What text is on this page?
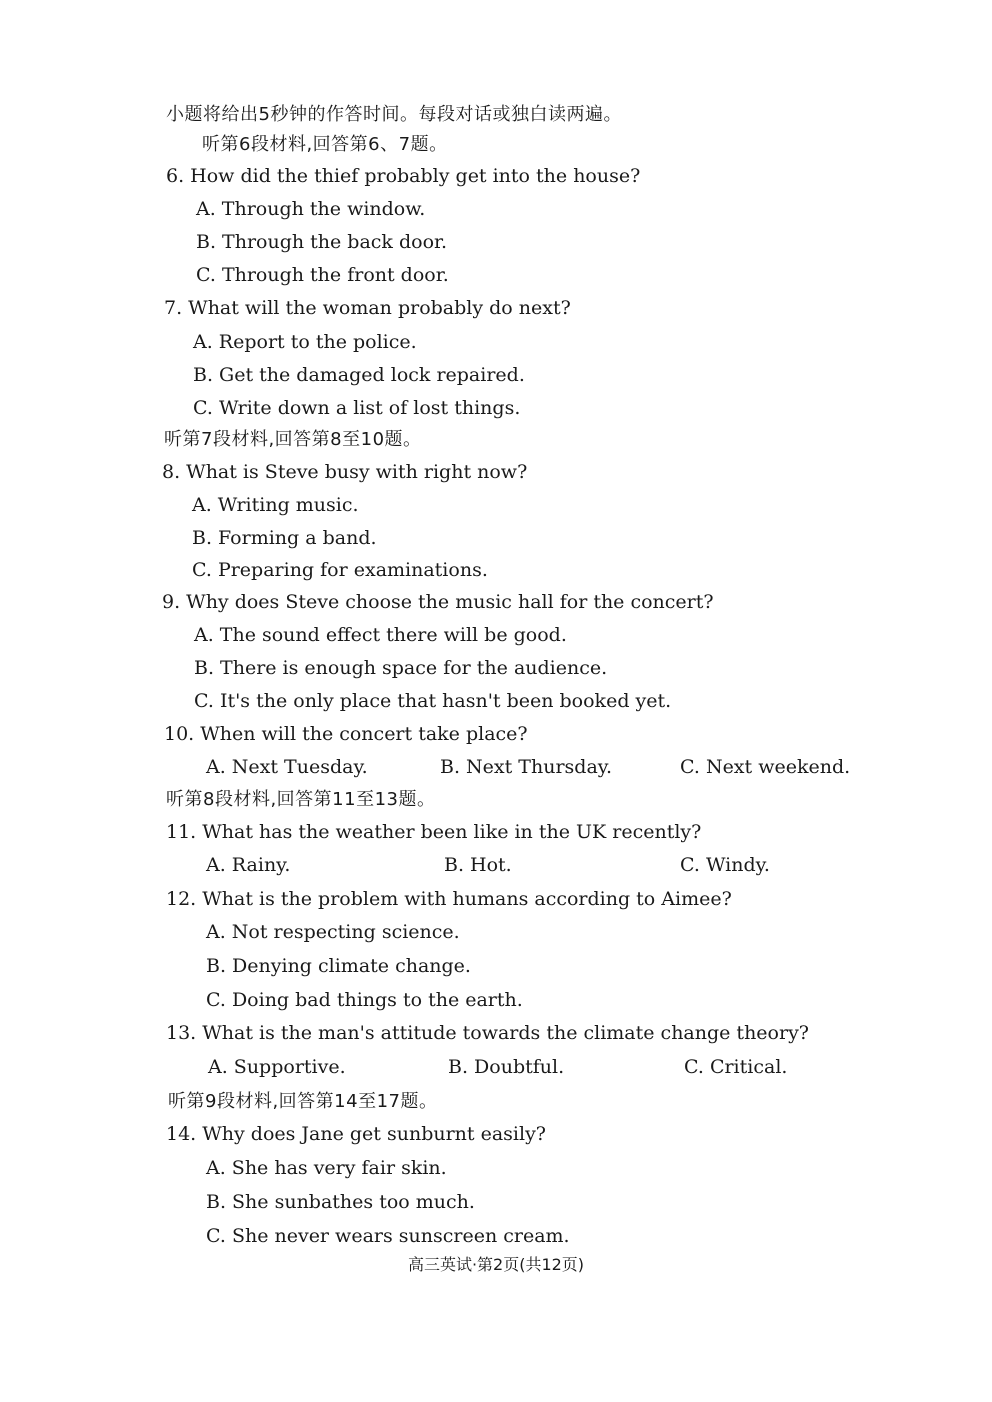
小题将给出5秒钟的作答时间。每段对话或独白读两遍。
听第6段材料,回答第6、7题。
6. How did the thief probably get into the house?
A. Through the window.
B. Through the back door.
C. Through the front door.
7. What will the woman probably do next?
A. Report to the police.
B. Get the damaged lock repaired.
C. Write down a list of lost things.
听第7段材料,回答第8至10题。
8. What is Steve busy with right now?
A. Writing music.
B. Forming a band.
C. Preparing for examinations.
9. Why does Steve choose the music hall for the concert?
A. The sound effect there will be good.
B. There is enough space for the audience.
C. It's the only place that hasn't been booked yet.
10. When will the concert take place?
A. Next Tuesday.	B. Next Thursday.	C. Next weekend.
听第8段材料,回答第11至13题。
11. What has the weather been like in the UK recently?
A. Rainy.	B. Hot.	C. Windy.
12. What is the problem with humans according to Aimee?
A. Not respecting science.
B. Denying climate change.
C. Doing bad things to the earth.
13. What is the man's attitude towards the climate change theory?
A. Supportive.	B. Doubtful.	C. Critical.
听第9段材料,回答第14至17题。
14. Why does Jane get sunburnt easily?
A. She has very fair skin.
B. She sunbathes too much.
C. She never wears sunscreen cream.
高三英试·第2页(共12页)
